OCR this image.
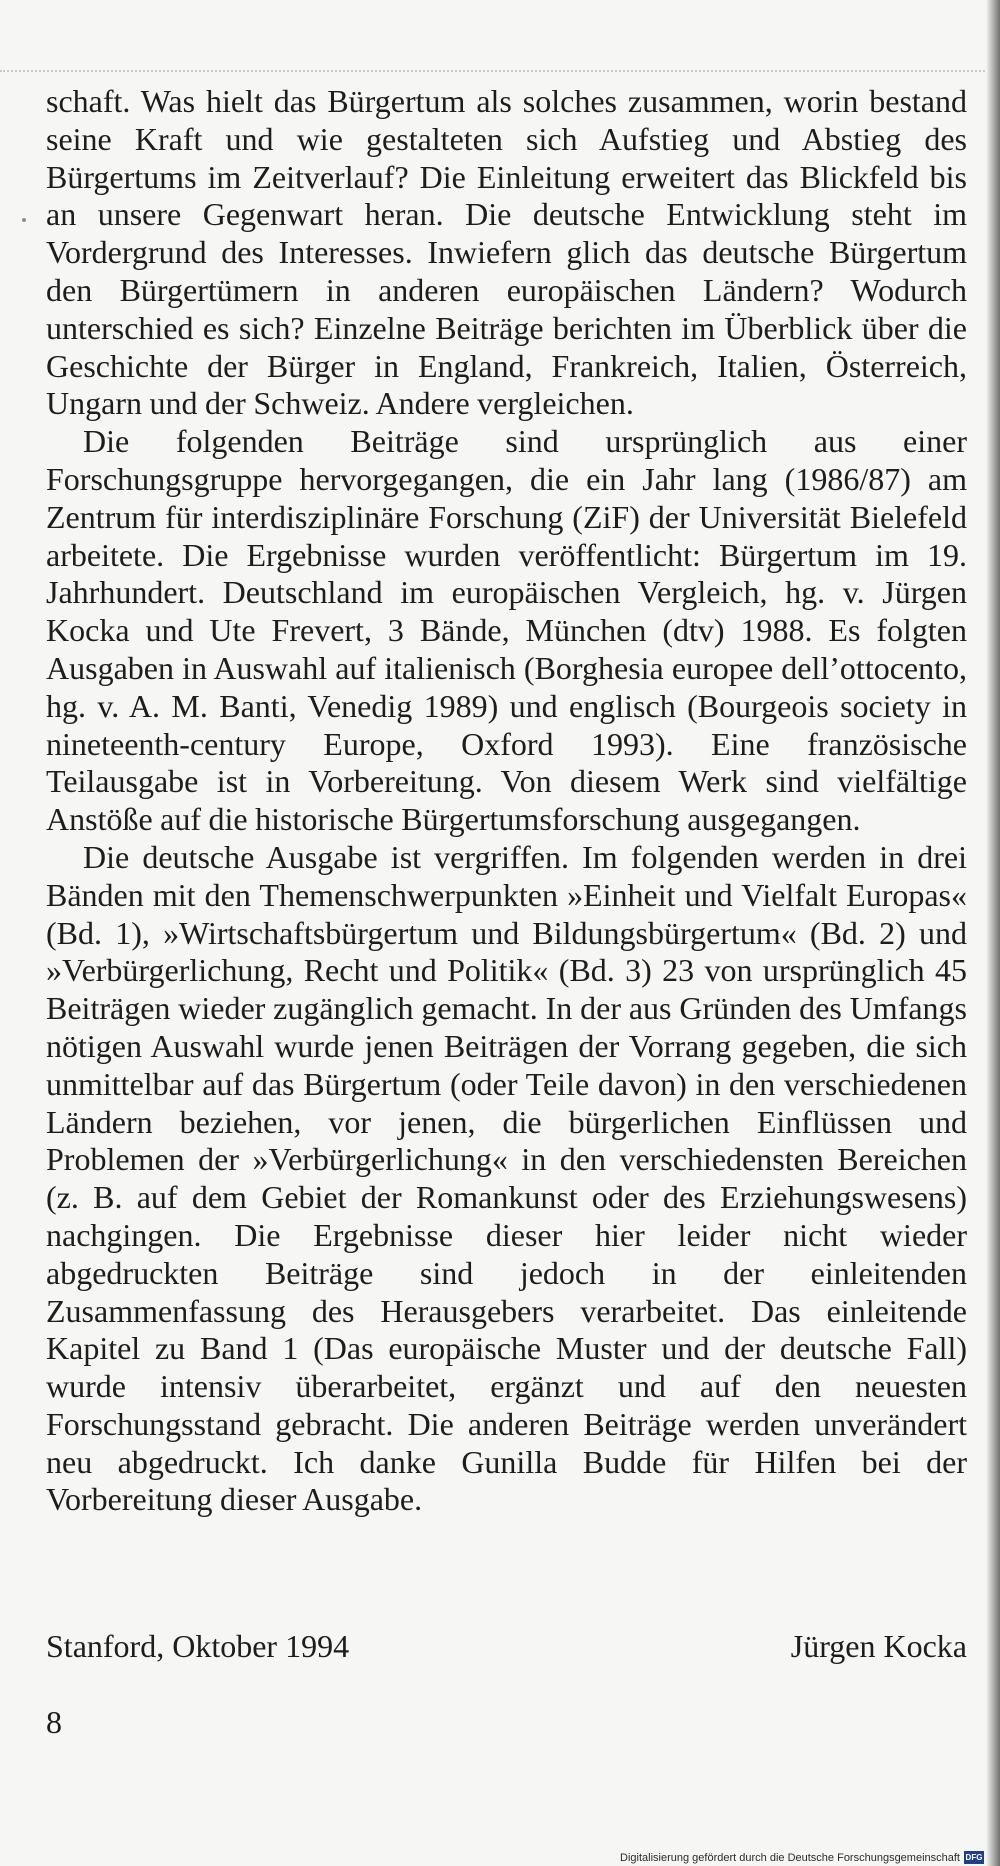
schaft. Was hielt das Bürgertum als solches zusammen, worin bestand seine Kraft und wie gestalteten sich Aufstieg und Abstieg des Bürgertums im Zeitverlauf? Die Einleitung erweitert das Blickfeld bis an unsere Gegenwart heran. Die deutsche Entwicklung steht im Vordergrund des Interesses. Inwiefern glich das deutsche Bürgertum den Bürgertümern in anderen europäischen Ländern? Wodurch unterschied es sich? Einzelne Beiträge berichten im Überblick über die Geschichte der Bürger in England, Frankreich, Italien, Österreich, Ungarn und der Schweiz. Andere vergleichen.

Die folgenden Beiträge sind ursprünglich aus einer Forschungsgruppe hervorgegangen, die ein Jahr lang (1986/87) am Zentrum für interdisziplinäre Forschung (ZiF) der Universität Bielefeld arbeitete. Die Ergebnisse wurden veröffentlicht: Bürgertum im 19. Jahrhundert. Deutschland im europäischen Vergleich, hg. v. Jürgen Kocka und Ute Frevert, 3 Bände, München (dtv) 1988. Es folgten Ausgaben in Auswahl auf italienisch (Borghesia europee dell’ottocento, hg. v. A. M. Banti, Venedig 1989) und englisch (Bourgeois society in nineteenth-century Europe, Oxford 1993). Eine französische Teilausgabe ist in Vorbereitung. Von diesem Werk sind vielfältige Anstöße auf die historische Bürgertumsforschung ausgegangen.

Die deutsche Ausgabe ist vergriffen. Im folgenden werden in drei Bänden mit den Themenschwerpunkten »Einheit und Vielfalt Europas« (Bd. 1), »Wirtschaftsbürgertum und Bildungsbürgertum« (Bd. 2) und »Verbürgerlichung, Recht und Politik« (Bd. 3) 23 von ursprünglich 45 Beiträgen wieder zugänglich gemacht. In der aus Gründen des Umfangs nötigen Auswahl wurde jenen Beiträgen der Vorrang gegeben, die sich unmittelbar auf das Bürgertum (oder Teile davon) in den verschiedenen Ländern beziehen, vor jenen, die bürgerlichen Einflüssen und Problemen der »Verbürgerlichung« in den verschiedensten Bereichen (z. B. auf dem Gebiet der Romankunst oder des Erziehungswesens) nachgingen. Die Ergebnisse dieser hier leider nicht wieder abgedruckten Beiträge sind jedoch in der einleitenden Zusammenfassung des Herausgebers verarbeitet. Das einleitende Kapitel zu Band 1 (Das europäische Muster und der deutsche Fall) wurde intensiv überarbeitet, ergänzt und auf den neuesten Forschungsstand gebracht. Die anderen Beiträge werden unverändert neu abgedruckt. Ich danke Gunilla Budde für Hilfen bei der Vorbereitung dieser Ausgabe.

Stanford, Oktober 1994	Jürgen Kocka
8
Digitalisierung gefördert durch die Deutsche Forschungsgemeinschaft DFG
